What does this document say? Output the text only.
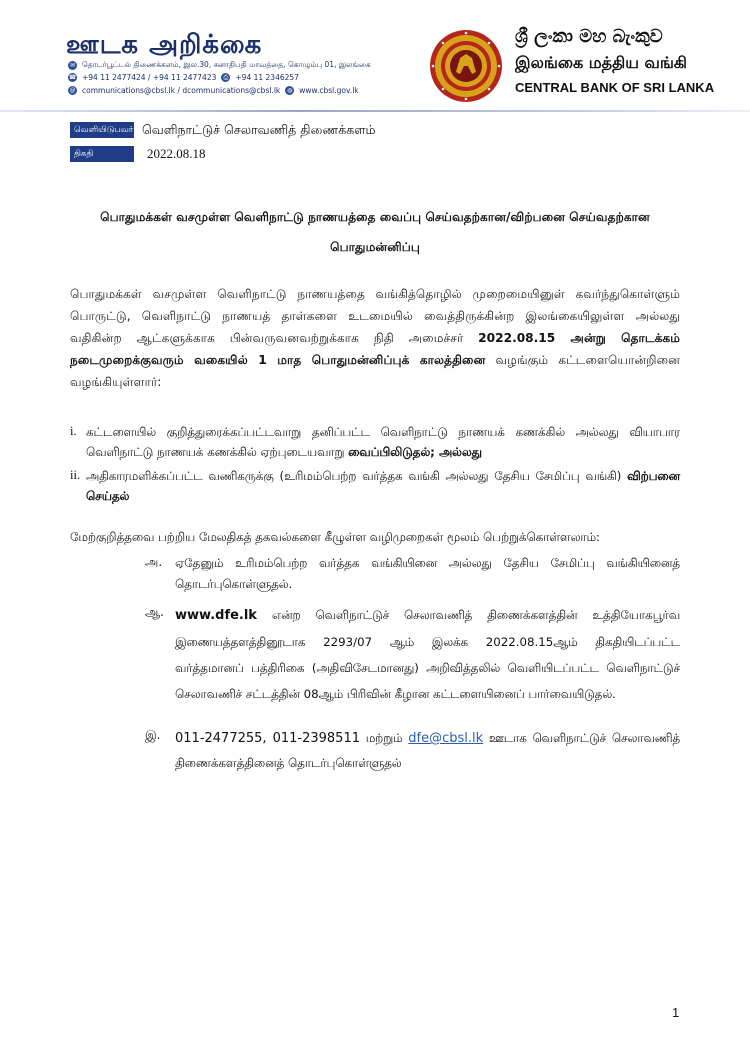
ஊடக அறிக்கை
✉ தொடர்பூட்டல் திணைக்களம், இல.30, சனாதிபதி மாவத்தை, கொழும்பு 01, இலங்கை
☎ +94 11 2477424 / +94 11 2477423	⎙ +94 11 2346257
@ communications@cbsl.lk / dcommunications@cbsl.lk	◍ www.cbsl.gov.lk
ශ්‍රී ලංකා මහ බැංකුව
இலங்கை மத்திய வங்கி
CENTRAL BANK OF SRI LANKA
வெளியிடுபவர் வெளிநாட்டுச் செலாவணித் திணைக்களம்
திகதி	2022.08.18
பொதுமக்கள் வசமுள்ள வெளிநாட்டு நாணயத்தை வைப்பு செய்வதற்கான/விற்பனை செய்வதற்கான
பொதுமன்னிப்பு
பொதுமக்கள் வசமுள்ள வெளிநாட்டு நாணயத்தை வங்கித்தொழில் முறைமையினுள் கவர்ந்துகொள்ளும் பொருட்டு, வெளிநாட்டு நாணயத் தாள்களை உடமையில் வைத்திருக்கின்ற இலங்கையிலுள்ள அல்லது வதிகின்ற ஆட்களுக்காக பின்வருவனவற்றுக்காக நிதி அமைச்சர் 2022.08.15 அன்று தொடக்கம் நடைமுறைக்குவரும் வகையில் 1 மாத பொதுமன்னிப்புக் காலத்தினை வழங்கும் கட்டளையொன்றினை வழங்கியுள்ளார்:
i. கட்டளையில் குறித்துரைக்கப்பட்டவாறு தனிப்பட்ட வெளிநாட்டு நாணயக் கணக்கில் அல்லது வியாபார வெளிநாட்டு நாணயக் கணக்கில் ஏற்புடையவாறு வைப்பிலிடுதல்; அல்லது
ii. அதிகாரமளிக்கப்பட்ட வணிகருக்கு (உரிமம்பெற்ற வர்த்தக வங்கி அல்லது தேசிய சேமிப்பு வங்கி) விற்பனை செய்தல்
மேற்குறித்தவை பற்றிய மேலதிகத் தகவல்களை கீழுள்ள வழிமுறைகள் மூலம் பெற்றுக்கொள்ளலாம்:
அ. ஏதேனும் உரிமம்பெற்ற வர்த்தக வங்கியினை அல்லது தேசிய சேமிப்பு வங்கியினைத் தொடர்புகொள்ளுதல்.
ஆ. www.dfe.lk என்ற வெளிநாட்டுச் செலாவணித் திணைக்களத்தின் உத்தியோகபூர்வ இணையத்தளத்தினூடாக 2293/07 ஆம் இலக்க 2022.08.15ஆம் திகதியிடப்பட்ட வர்த்தமானப் பத்திரிகை (அதிவிசேடமானது) அறிவித்தலில் வெளியிடப்பட்ட வெளிநாட்டுச் செலாவணிச் சட்டத்தின் 08ஆம் பிரிவின் கீழான கட்டளையினைப் பார்வையிடுதல்.
இ. 011-2477255, 011-2398511 மற்றும் dfe@cbsl.lk ஊடாக வெளிநாட்டுச் செலாவணித் திணைக்களத்தினைத் தொடர்புகொள்ளுதல்
1
